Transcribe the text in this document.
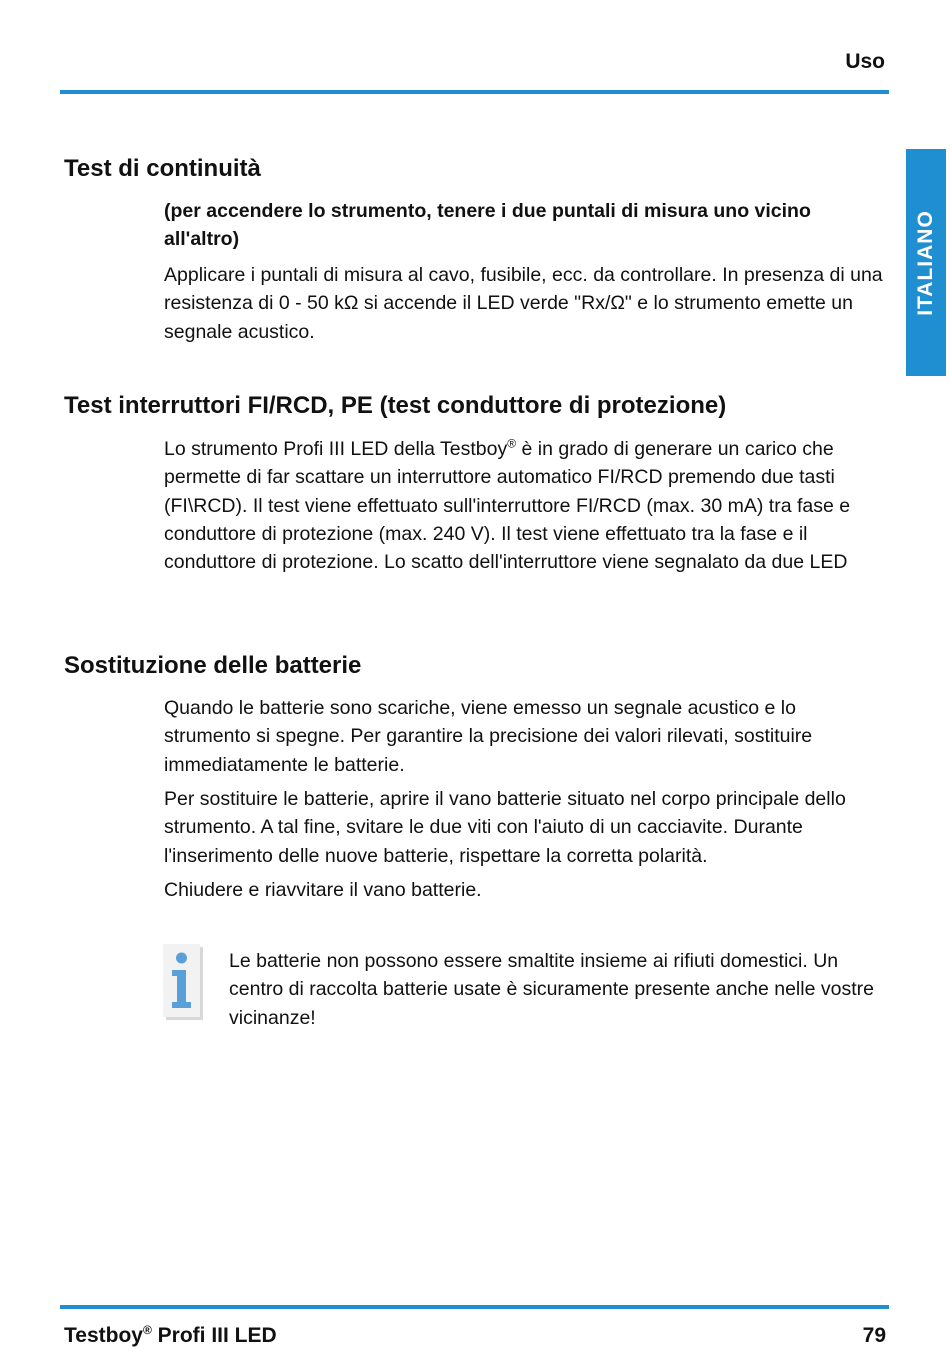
Uso
ITALIANO
Test di continuità

(per accendere lo strumento, tenere i due puntali di misura uno vicino all'altro)

Applicare i puntali di misura al cavo, fusibile, ecc. da controllare. In presenza di una resistenza di 0 - 50 kΩ si accende il LED verde "Rx/Ω" e lo strumento emette un segnale acustico.

Test interruttori FI/RCD, PE (test conduttore di protezione)

Lo strumento Profi III LED della Testboy® è in grado di generare un carico che permette di far scattare un interruttore automatico FI/RCD premendo due tasti (FI\RCD). Il test viene effettuato sull'interruttore FI/RCD (max. 30 mA) tra fase e conduttore di protezione (max. 240 V). Il test viene effettuato tra la fase e il conduttore di protezione. Lo scatto dell'interruttore viene segnalato da due LED

Sostituzione delle batterie

Quando le batterie sono scariche, viene emesso un segnale acustico e lo strumento si spegne. Per garantire la precisione dei valori rilevati, sostituire immediatamente le batterie.

Per sostituire le batterie, aprire il vano batterie situato nel corpo principale dello strumento. A tal fine, svitare le due viti con l'aiuto di un cacciavite. Durante l'inserimento delle nuove batterie, rispettare la corretta polarità.

Chiudere e riavvitare il vano batterie.

Le batterie non possono essere smaltite insieme ai rifiuti domestici. Un centro di raccolta batterie usate è sicuramente presente anche nelle vostre vicinanze!

Testboy® Profi III LED	79
